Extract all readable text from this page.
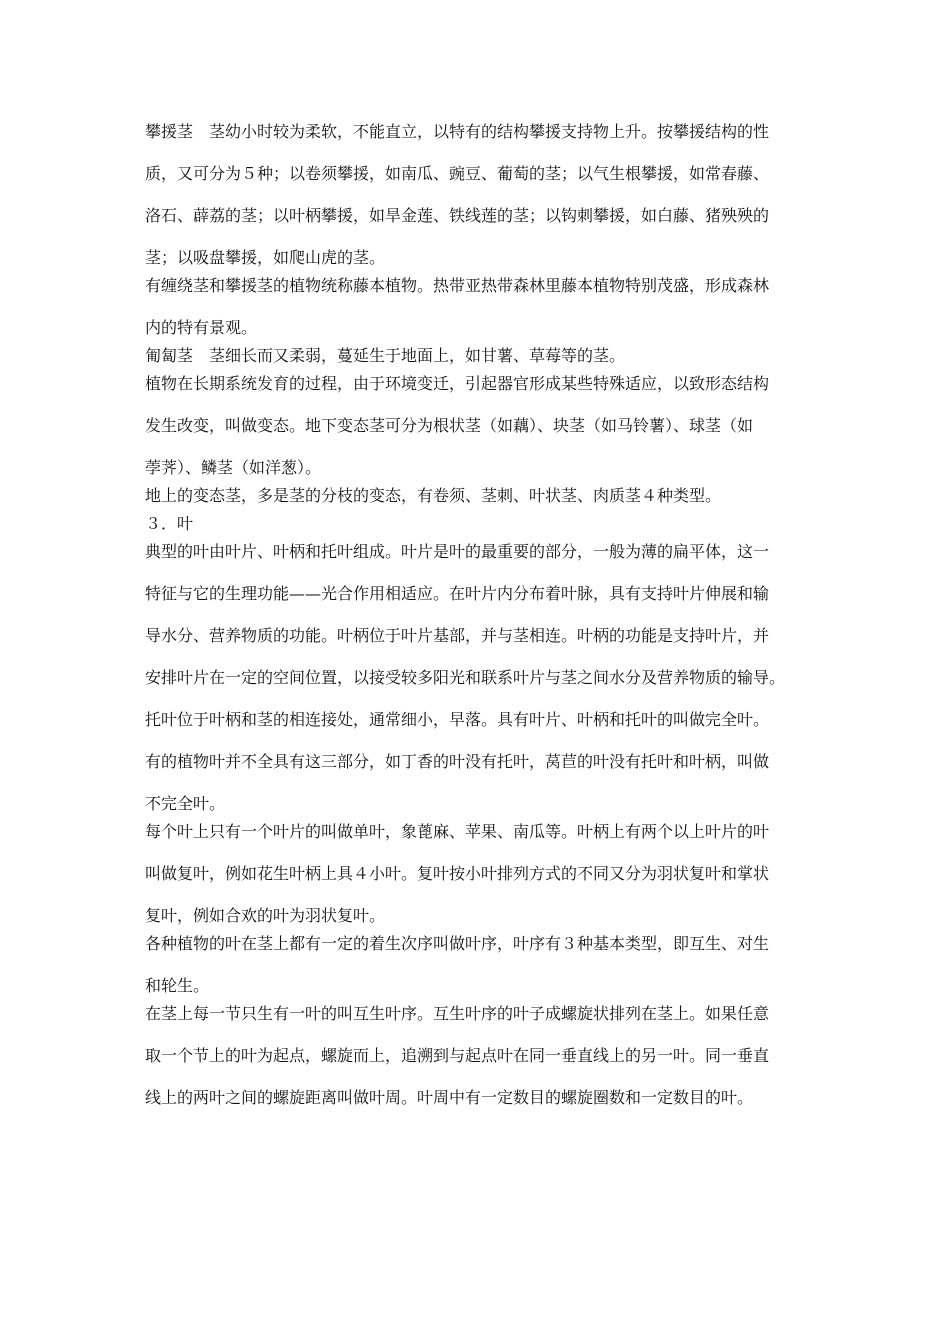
攀援茎　茎幼小时较为柔软，不能直立，以特有的结构攀援支持物上升。按攀援结构的性
质，又可分为５种；以卷须攀援，如南瓜、豌豆、葡萄的茎；以气生根攀援，如常春藤、
洛石、薜荔的茎；以叶柄攀援，如旱金莲、铁线莲的茎；以钩刺攀援，如白藤、猪殃殃的
茎；以吸盘攀援，如爬山虎的茎。
有缠绕茎和攀援茎的植物统称藤本植物。热带亚热带森林里藤本植物特别茂盛，形成森林
内的特有景观。
匍匐茎　茎细长而又柔弱，蔓延生于地面上，如甘薯、草莓等的茎。
植物在长期系统发育的过程，由于环境变迁，引起器官形成某些特殊适应，以致形态结构
发生改变，叫做变态。地下变态茎可分为根状茎（如藕）、块茎（如马铃薯）、球茎（如
荸荠）、鳞茎（如洋葱）。
地上的变态茎，多是茎的分枝的变态，有卷须、茎刺、叶状茎、肉质茎４种类型。
３．叶
典型的叶由叶片、叶柄和托叶组成。叶片是叶的最重要的部分，一般为薄的扁平体，这一
特征与它的生理功能——光合作用相适应。在叶片内分布着叶脉，具有支持叶片伸展和输
导水分、营养物质的功能。叶柄位于叶片基部，并与茎相连。叶柄的功能是支持叶片，并
安排叶片在一定的空间位置，以接受较多阳光和联系叶片与茎之间水分及营养物质的输导。
托叶位于叶柄和茎的相连接处，通常细小，早落。具有叶片、叶柄和托叶的叫做完全叶。
有的植物叶并不全具有这三部分，如丁香的叶没有托叶，莴苣的叶没有托叶和叶柄，叫做
不完全叶。
每个叶上只有一个叶片的叫做单叶，象蓖麻、苹果、南瓜等。叶柄上有两个以上叶片的叶
叫做复叶，例如花生叶柄上具４小叶。复叶按小叶排列方式的不同又分为羽状复叶和掌状
复叶，例如合欢的叶为羽状复叶。
各种植物的叶在茎上都有一定的着生次序叫做叶序，叶序有３种基本类型，即互生、对生
和轮生。
在茎上每一节只生有一叶的叫互生叶序。互生叶序的叶子成螺旋状排列在茎上。如果任意
取一个节上的叶为起点，螺旋而上，追溯到与起点叶在同一垂直线上的另一叶。同一垂直
线上的两叶之间的螺旋距离叫做叶周。叶周中有一定数目的螺旋圈数和一定数目的叶。
